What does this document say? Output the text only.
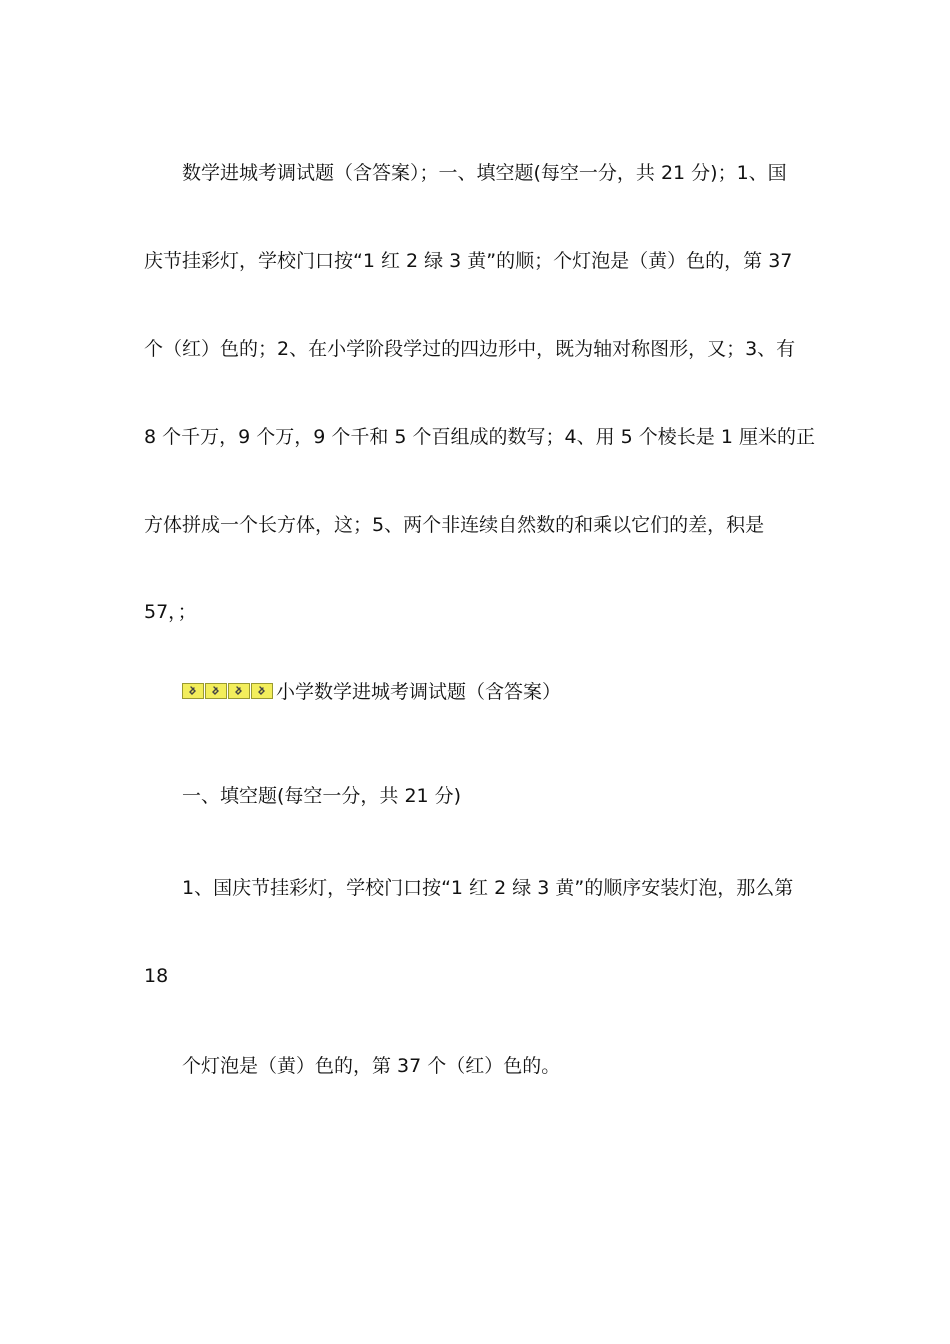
数学进城考调试题（含答案）；一、填空题(每空一分，共 21 分)；1、国
庆节挂彩灯，学校门口按“1 红 2 绿 3 黄”的顺；个灯泡是（黄）色的，第 37
个（红）色的；2、在小学阶段学过的四边形中，既为轴对称图形，又；3、有
8 个千万，9 个万，9 个千和 5 个百组成的数写；4、用 5 个棱长是 1 厘米的正
方体拼成一个长方体，这；5、两个非连续自然数的和乘以它们的差，积是
57，；
小学数学进城考调试题（含答案）
一、填空题(每空一分，共 21 分)
1、国庆节挂彩灯，学校门口按“1 红 2 绿 3 黄”的顺序安装灯泡，那么第
18
个灯泡是（黄）色的，第 37 个（红）色的。
